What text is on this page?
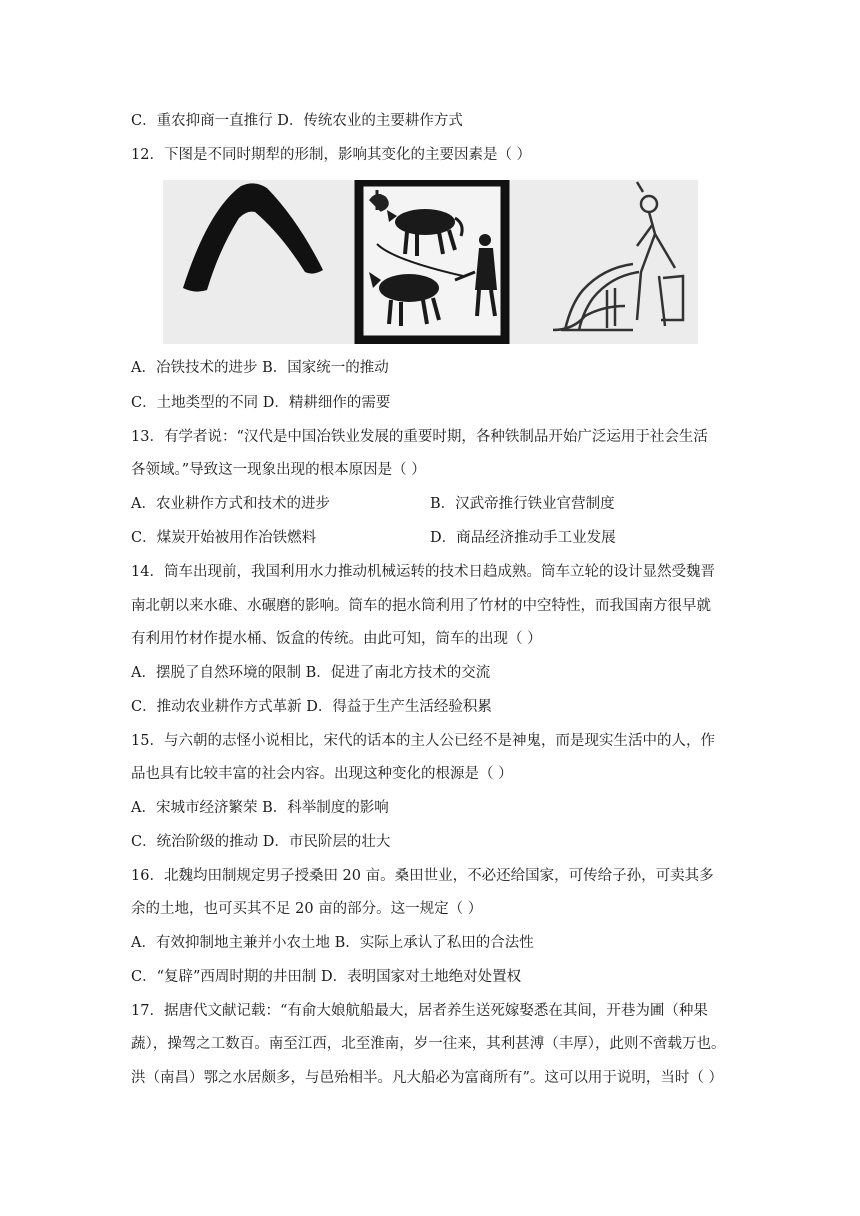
C．重农抑商一直推行 D．传统农业的主要耕作方式
12．下图是不同时期犁的形制，影响其变化的主要因素是（ ）
A．冶铁技术的进步 B．国家统一的推动
C．土地类型的不同 D．精耕细作的需要
13．有学者说：“汉代是中国冶铁业发展的重要时期，各种铁制品开始广泛运用于社会生活
各领域。”导致这一现象出现的根本原因是（ ）
A．农业耕作方式和技术的进步	B．汉武帝推行铁业官营制度
C．煤炭开始被用作冶铁燃料	D．商品经济推动手工业发展
14．筒车出现前，我国利用水力推动机械运转的技术日趋成熟。筒车立轮的设计显然受魏晋
南北朝以来水碓、水碾磨的影响。筒车的挹水筒利用了竹材的中空特性，而我国南方很早就
有利用竹材作提水桶、饭盒的传统。由此可知，筒车的出现（ ）
A．摆脱了自然环境的限制 B．促进了南北方技术的交流
C．推动农业耕作方式革新 D．得益于生产生活经验积累
15．与六朝的志怪小说相比，宋代的话本的主人公已经不是神鬼，而是现实生活中的人，作
品也具有比较丰富的社会内容。出现这种变化的根源是（ ）
A．宋城市经济繁荣 B．科举制度的影响
C．统治阶级的推动 D．市民阶层的壮大
16．北魏均田制规定男子授桑田 20 亩。桑田世业，不必还给国家，可传给子孙，可卖其多
余的土地，也可买其不足 20 亩的部分。这一规定（ ）
A．有效抑制地主兼并小农土地 B．实际上承认了私田的合法性
C．“复辟”西周时期的井田制 D．表明国家对土地绝对处置权
17．据唐代文献记载：“有俞大娘航船最大，居者养生送死嫁娶悉在其间，开巷为圃（种果
蔬），操驾之工数百。南至江西，北至淮南，岁一往来，其利甚溥（丰厚），此则不啻载万也。
洪（南昌）鄂之水居颇多，与邑殆相半。凡大船必为富商所有”。这可以用于说明，当时（ ）
